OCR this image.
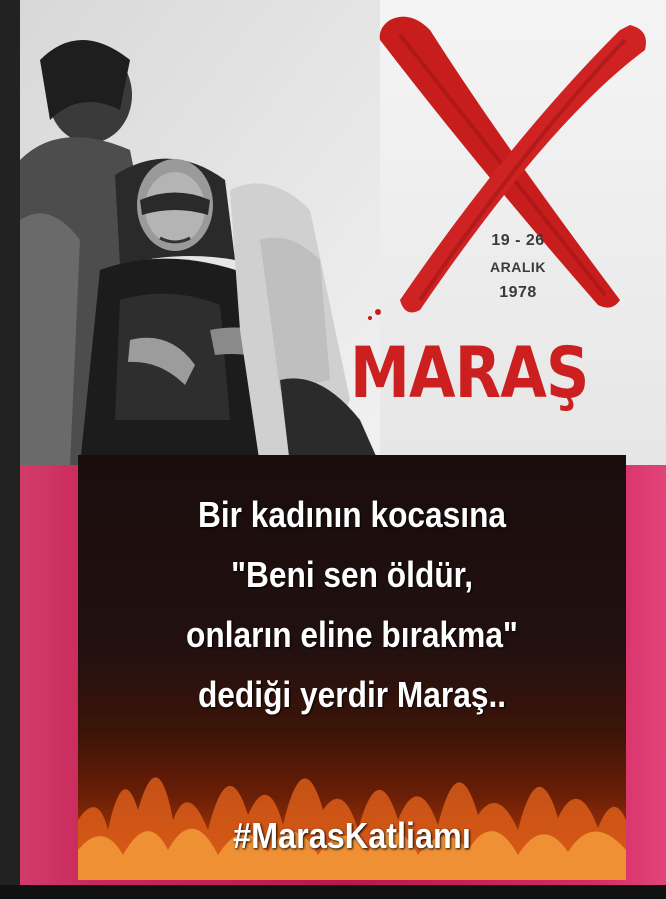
19 - 26
ARALIK
1978
MARAŞ
Bir kadının kocasına
"Beni sen öldür,
onların eline bırakma"
dediği yerdir Maraş..
#MarasKatliamı
